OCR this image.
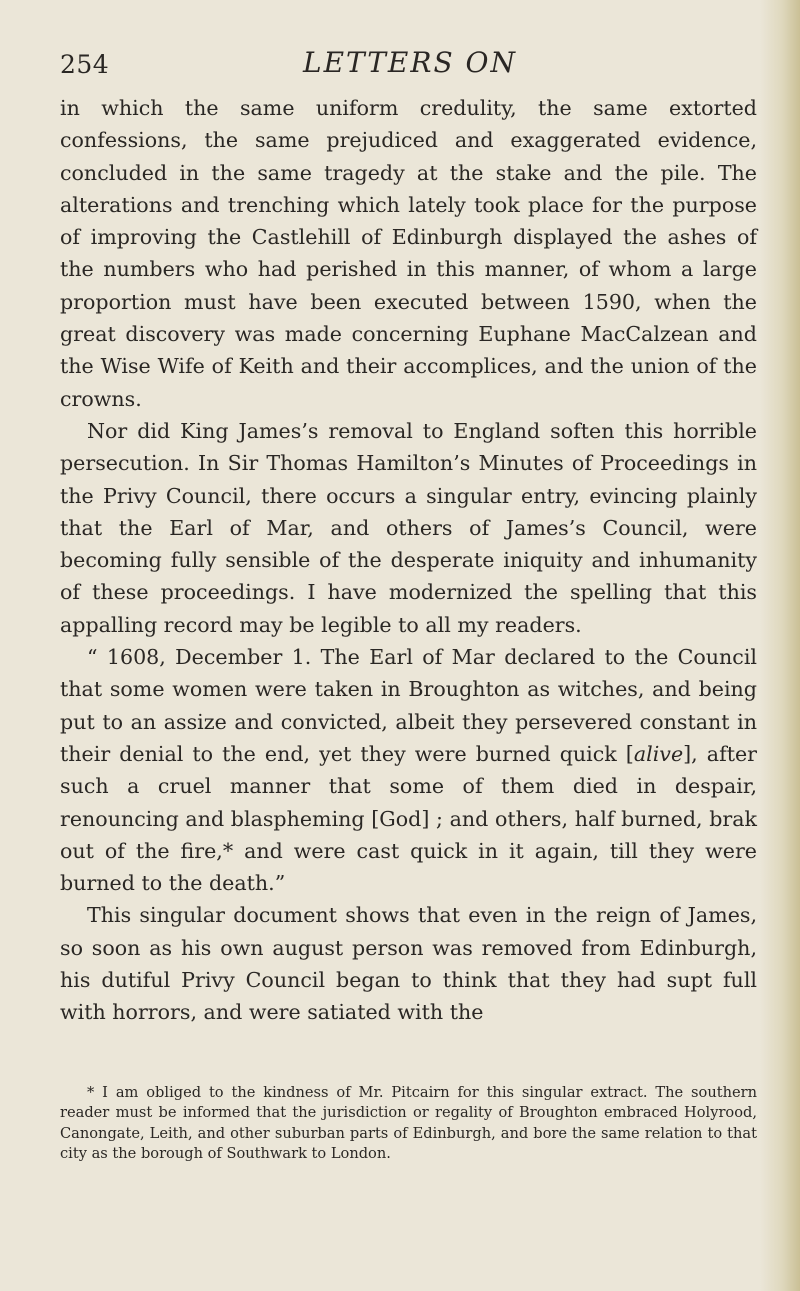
254	LETTERS ON

in which the same uniform credulity, the same extorted confessions, the same prejudiced and exaggerated evidence, concluded in the same tragedy at the stake and the pile. The alterations and trenching which lately took place for the purpose of improving the Castlehill of Edinburgh displayed the ashes of the numbers who had perished in this manner, of whom a large proportion must have been executed between 1590, when the great discovery was made concerning Euphane MacCalzean and the Wise Wife of Keith and their accomplices, and the union of the crowns.

Nor did King James’s removal to England soften this horrible persecution. In Sir Thomas Hamilton’s Minutes of Proceedings in the Privy Council, there occurs a singular entry, evincing plainly that the Earl of Mar, and others of James’s Council, were becoming fully sensible of the desperate iniquity and inhumanity of these proceedings. I have modernized the spelling that this appalling record may be legible to all my readers.

“ 1608, December 1. The Earl of Mar declared to the Council that some women were taken in Broughton as witches, and being put to an assize and convicted, albeit they persevered constant in their denial to the end, yet they were burned quick [alive], after such a cruel manner that some of them died in despair, renouncing and blaspheming [God] ; and others, half burned, brak out of the fire,* and were cast quick in it again, till they were burned to the death.”

This singular document shows that even in the reign of James, so soon as his own august person was removed from Edinburgh, his dutiful Privy Council began to think that they had supt full with horrors, and were satiated with the

* I am obliged to the kindness of Mr. Pitcairn for this singular extract. The southern reader must be informed that the jurisdiction or regality of Broughton embraced Holyrood, Canongate, Leith, and other suburban parts of Edinburgh, and bore the same relation to that city as the borough of Southwark to London.
